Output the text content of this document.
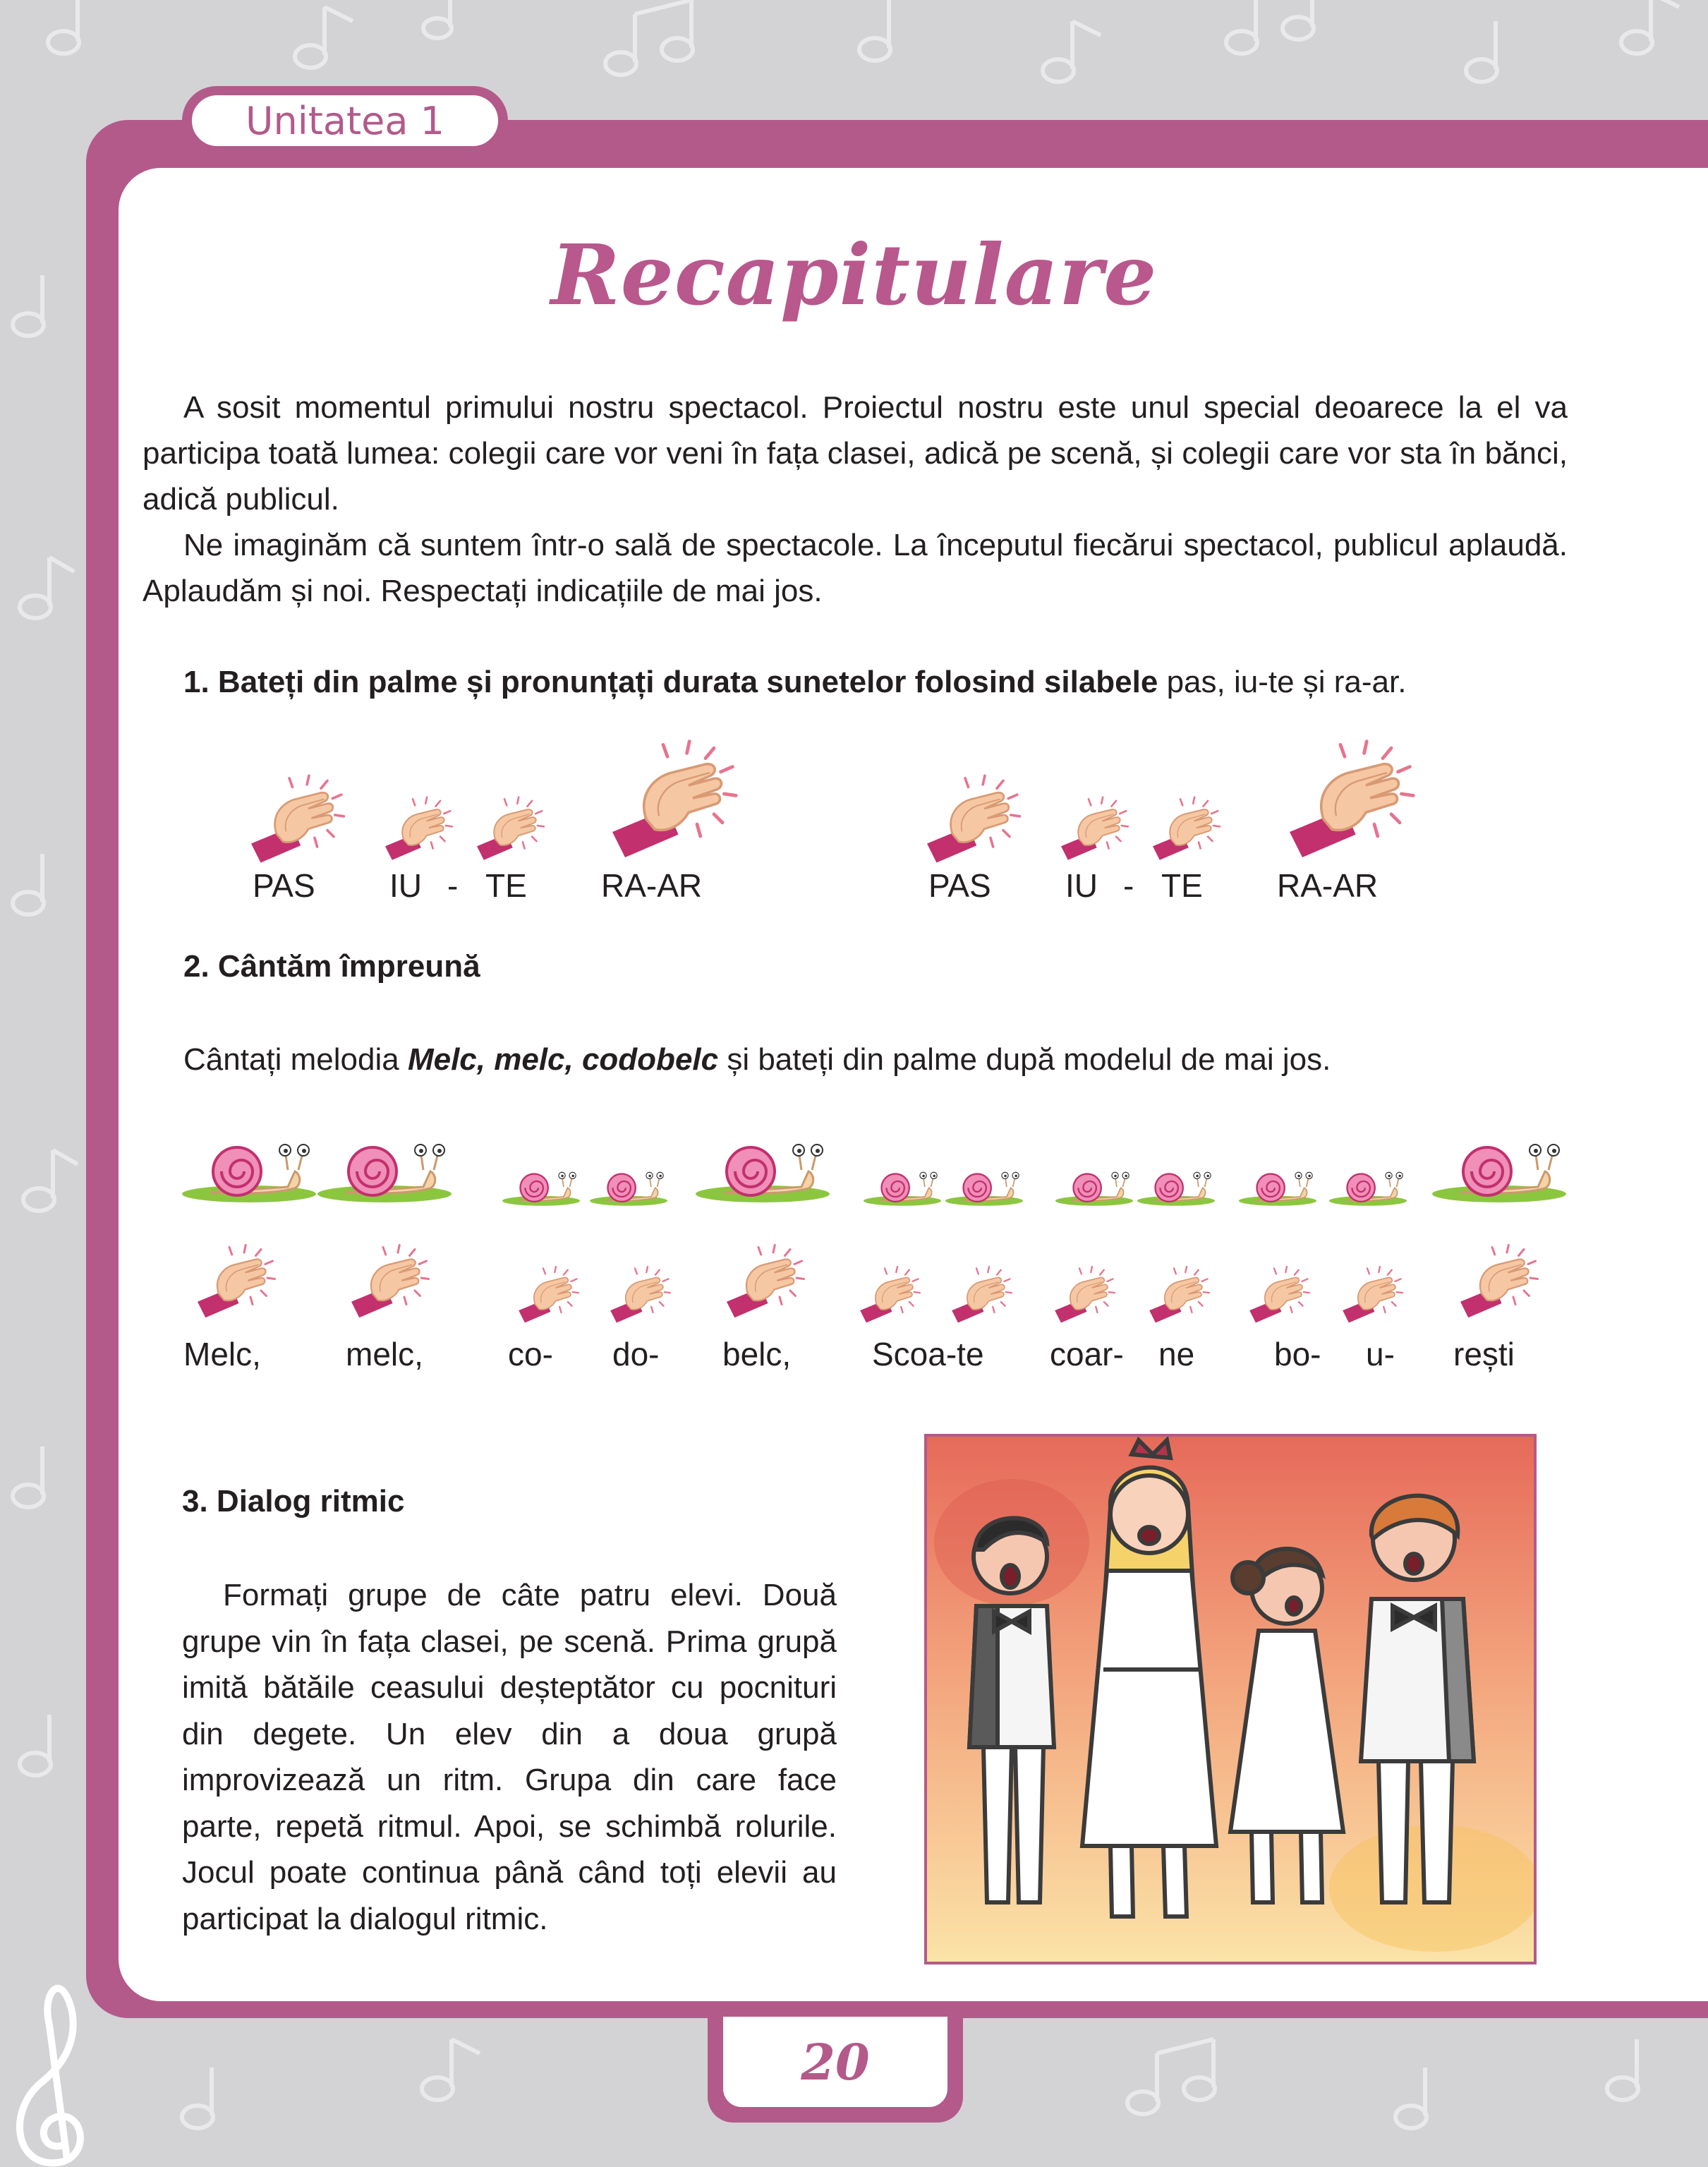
Unitatea 1
Recapitulare

A sosit momentul primului nostru spectacol. Proiectul nostru este unul special deoarece la el va participa toată lumea: colegii care vor veni în fața clasei, adică pe scenă, și colegii care vor sta în bănci, adică publicul.

Ne imaginăm că suntem într-o sală de spectacole. La începutul fiecărui spectacol, publicul aplaudă. Aplaudăm și noi. Respectați indicațiile de mai jos.

1. Bateți din palme și pronunțați durata sunetelor folosind silabele pas, iu-te și ra-ar.
PAS IU - TE RA-AR	PAS IU - TE RA-AR
2. Cântăm împreună
Cântați melodia Melc, melc, codobelc și bateți din palme după modelul de mai jos.
Melc,	melc,	co- do- belc, Scoa-te coar- ne bo- u- rești
3. Dialog ritmic

Formați grupe de câte patru elevi. Două grupe vin în fața clasei, pe scenă. Prima grupă imită bătăile ceasului deșteptător cu pocnituri din degete. Un elev din a doua grupă improvizează un ritm. Grupa din care face parte, repetă ritmul. Apoi, se schimbă rolurile. Jocul poate continua până când toți elevii au participat la dialogul ritmic.

20
